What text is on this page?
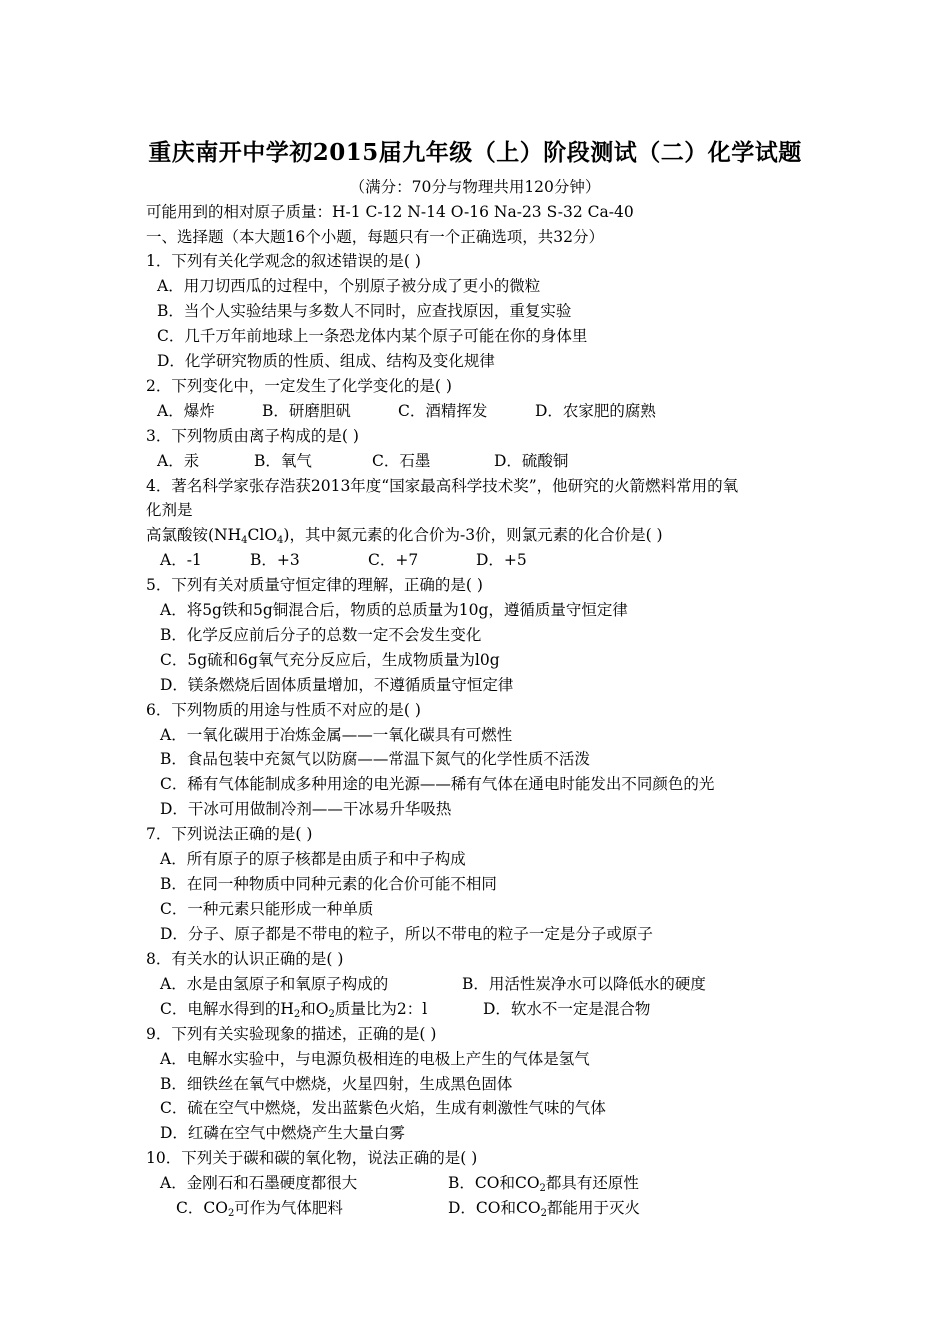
重庆南开中学初2015届九年级（上）阶段测试（二）化学试题
（满分：70分与物理共用120分钟）
可能用到的相对原子质量：H-1 C-12 N-14 O-16 Na-23 S-32 Ca-40
一、选择题（本大题16个小题，每题只有一个正确选项，共32分）
1．下列有关化学观念的叙述错误的是( )
A．用刀切西瓜的过程中，个别原子被分成了更小的微粒
B．当个人实验结果与多数人不同时，应查找原因，重复实验
C．几千万年前地球上一条恐龙体内某个原子可能在你的身体里
D．化学研究物质的性质、组成、结构及变化规律
2．下列变化中，一定发生了化学变化的是( )
A．爆炸	B．研磨胆矾	C．酒精挥发	D．农家肥的腐熟
3．下列物质由离子构成的是( )
A．汞	B．氧气	C．石墨	D．硫酸铜
4．著名科学家张存浩获2013年度“国家最高科学技术奖”，他研究的火箭燃料常用的氧
化剂是
高氯酸铵$(NH_4ClO_4)$，其中氮元素的化合价为-3价，则氯元素的化合价是( )
A．-1	B．+3	C．+7	D．+5
5．下列有关对质量守恒定律的理解，正确的是( )
A．将5g铁和5g铜混合后，物质的总质量为10g，遵循质量守恒定律
B．化学反应前后分子的总数一定不会发生变化
C．5g硫和6g氧气充分反应后，生成物质量为l0g
D．镁条燃烧后固体质量增加，不遵循质量守恒定律
6．下列物质的用途与性质不对应的是( )
A．一氧化碳用于冶炼金属——一氧化碳具有可燃性
B．食品包装中充氮气以防腐——常温下氮气的化学性质不活泼
C．稀有气体能制成多种用途的电光源——稀有气体在通电时能发出不同颜色的光
D．干冰可用做制冷剂——干冰易升华吸热
7．下列说法正确的是( )
A．所有原子的原子核都是由质子和中子构成
B．在同一种物质中同种元素的化合价可能不相同
C．一种元素只能形成一种单质
D．分子、原子都是不带电的粒子，所以不带电的粒子一定是分子或原子
8．有关水的认识正确的是( )
A．水是由氢原子和氧原子构成的	B．用活性炭净水可以降低水的硬度
C．电解水得到的$H_2$和$O_2$质量比为2：l	D．软水不一定是混合物
9．下列有关实验现象的描述，正确的是( )
A．电解水实验中，与电源负极相连的电极上产生的气体是氢气
B．细铁丝在氧气中燃烧，火星四射，生成黑色固体
C．硫在空气中燃烧，发出蓝紫色火焰，生成有刺激性气味的气体
D．红磷在空气中燃烧产生大量白雾
10．下列关于碳和碳的氧化物，说法正确的是( )
A．金刚石和石墨硬度都很大	B．CO和$CO_2$都具有还原性
C．$CO_2$可作为气体肥料	D．CO和$CO_2$都能用于灭火
